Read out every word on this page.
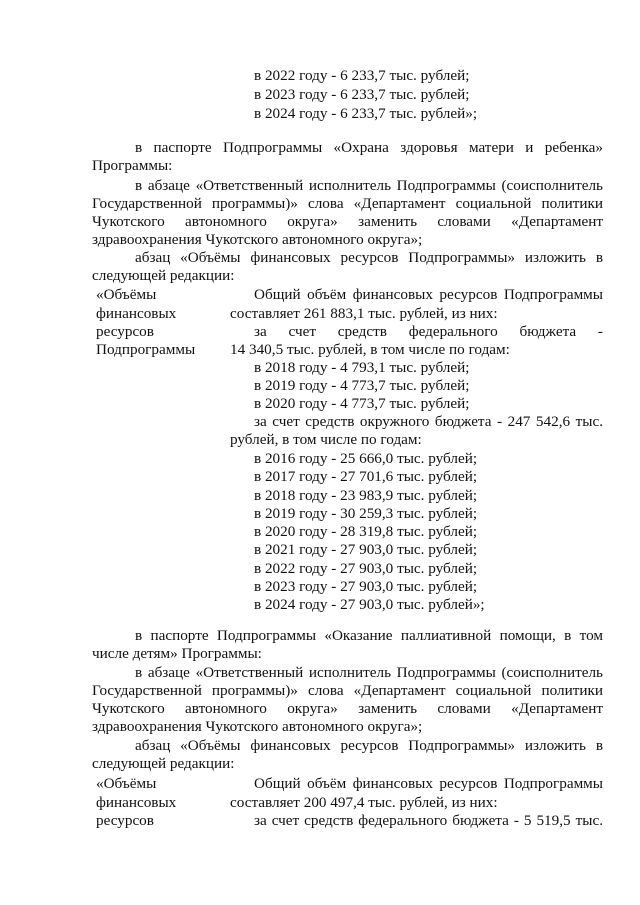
в 2022 году - 6 233,7 тыс. рублей;
в 2023 году - 6 233,7 тыс. рублей;
в 2024 году - 6 233,7 тыс. рублей»;
в паспорте Подпрограммы «Охрана здоровья матери и ребенка»
Программы:
в абзаце «Ответственный исполнитель Подпрограммы (соисполнитель
Государственной программы)» слова «Департамент социальной политики
Чукотского автономного округа» заменить словами «Департамент
здравоохранения Чукотского автономного округа»;
абзац «Объёмы финансовых ресурсов Подпрограммы» изложить в
следующей редакции:
«Объёмы
финансовых
ресурсов
Подпрограммы
Общий объём финансовых ресурсов Подпрограммы
составляет 261 883,1 тыс. рублей, из них:
за счет средств федерального бюджета -
14 340,5 тыс. рублей, в том числе по годам:
в 2018 году - 4 793,1 тыс. рублей;
в 2019 году - 4 773,7 тыс. рублей;
в 2020 году - 4 773,7 тыс. рублей;
за счет средств окружного бюджета - 247 542,6 тыс.
рублей, в том числе по годам:
в 2016 году - 25 666,0 тыс. рублей;
в 2017 году - 27 701,6 тыс. рублей;
в 2018 году - 23 983,9 тыс. рублей;
в 2019 году - 30 259,3 тыс. рублей;
в 2020 году - 28 319,8 тыс. рублей;
в 2021 году - 27 903,0 тыс. рублей;
в 2022 году - 27 903,0 тыс. рублей;
в 2023 году - 27 903,0 тыс. рублей;
в 2024 году - 27 903,0 тыс. рублей»;
в паспорте Подпрограммы «Оказание паллиативной помощи, в том
числе детям» Программы:
в абзаце «Ответственный исполнитель Подпрограммы (соисполнитель
Государственной программы)» слова «Департамент социальной политики
Чукотского автономного округа» заменить словами «Департамент
здравоохранения Чукотского автономного округа»;
абзац «Объёмы финансовых ресурсов Подпрограммы» изложить в
следующей редакции:
«Объёмы
финансовых
ресурсов
Общий объём финансовых ресурсов Подпрограммы
составляет 200 497,4 тыс. рублей, из них:
за счет средств федерального бюджета - 5 519,5 тыс.
